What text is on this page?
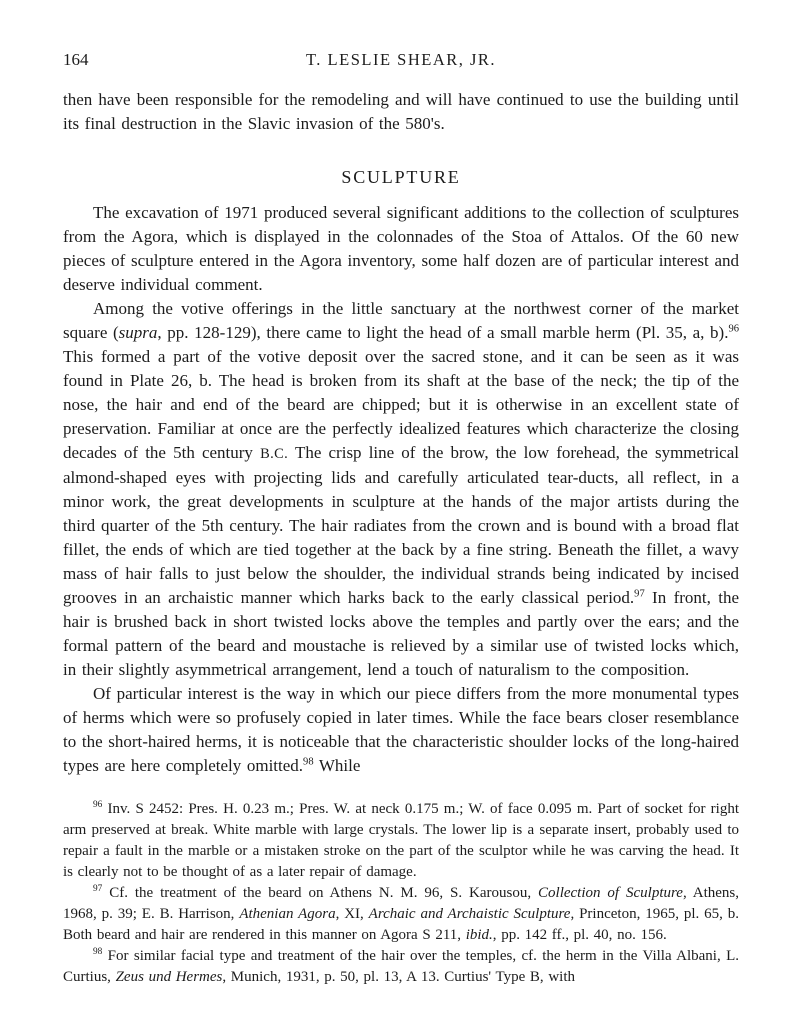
164	T. LESLIE SHEAR, JR.

then have been responsible for the remodeling and will have continued to use the building until its final destruction in the Slavic invasion of the 580's.

SCULPTURE

The excavation of 1971 produced several significant additions to the collection of sculptures from the Agora, which is displayed in the colonnades of the Stoa of Attalos. Of the 60 new pieces of sculpture entered in the Agora inventory, some half dozen are of particular interest and deserve individual comment.

Among the votive offerings in the little sanctuary at the northwest corner of the market square (supra, pp. 128-129), there came to light the head of a small marble herm (Pl. 35, a, b).$^{96}$ This formed a part of the votive deposit over the sacred stone, and it can be seen as it was found in Plate 26, b. The head is broken from its shaft at the base of the neck; the tip of the nose, the hair and end of the beard are chipped; but it is otherwise in an excellent state of preservation. Familiar at once are the perfectly idealized features which characterize the closing decades of the 5th century B.C. The crisp line of the brow, the low forehead, the symmetrical almond-shaped eyes with projecting lids and carefully articulated tear-ducts, all reflect, in a minor work, the great developments in sculpture at the hands of the major artists during the third quarter of the 5th century. The hair radiates from the crown and is bound with a broad flat fillet, the ends of which are tied together at the back by a fine string. Beneath the fillet, a wavy mass of hair falls to just below the shoulder, the individual strands being indicated by incised grooves in an archaistic manner which harks back to the early classical period.$^{97}$ In front, the hair is brushed back in short twisted locks above the temples and partly over the ears; and the formal pattern of the beard and moustache is relieved by a similar use of twisted locks which, in their slightly asymmetrical arrangement, lend a touch of naturalism to the composition.

Of particular interest is the way in which our piece differs from the more monumental types of herms which were so profusely copied in later times. While the face bears closer resemblance to the short-haired herms, it is noticeable that the characteristic shoulder locks of the long-haired types are here completely omitted.$^{98}$ While

$^{96}$ Inv. S 2452: Pres. H. 0.23 m.; Pres. W. at neck 0.175 m.; W. of face 0.095 m. Part of socket for right arm preserved at break. White marble with large crystals. The lower lip is a separate insert, probably used to repair a fault in the marble or a mistaken stroke on the part of the sculptor while he was carving the head. It is clearly not to be thought of as a later repair of damage.

$^{97}$ Cf. the treatment of the beard on Athens N. M. 96, S. Karousou, Collection of Sculpture, Athens, 1968, p. 39; E. B. Harrison, Athenian Agora, XI, Archaic and Archaistic Sculpture, Princeton, 1965, pl. 65, b. Both beard and hair are rendered in this manner on Agora S 211, ibid., pp. 142 ff., pl. 40, no. 156.

$^{98}$ For similar facial type and treatment of the hair over the temples, cf. the herm in the Villa Albani, L. Curtius, Zeus und Hermes, Munich, 1931, p. 50, pl. 13, A 13. Curtius' Type B, with
